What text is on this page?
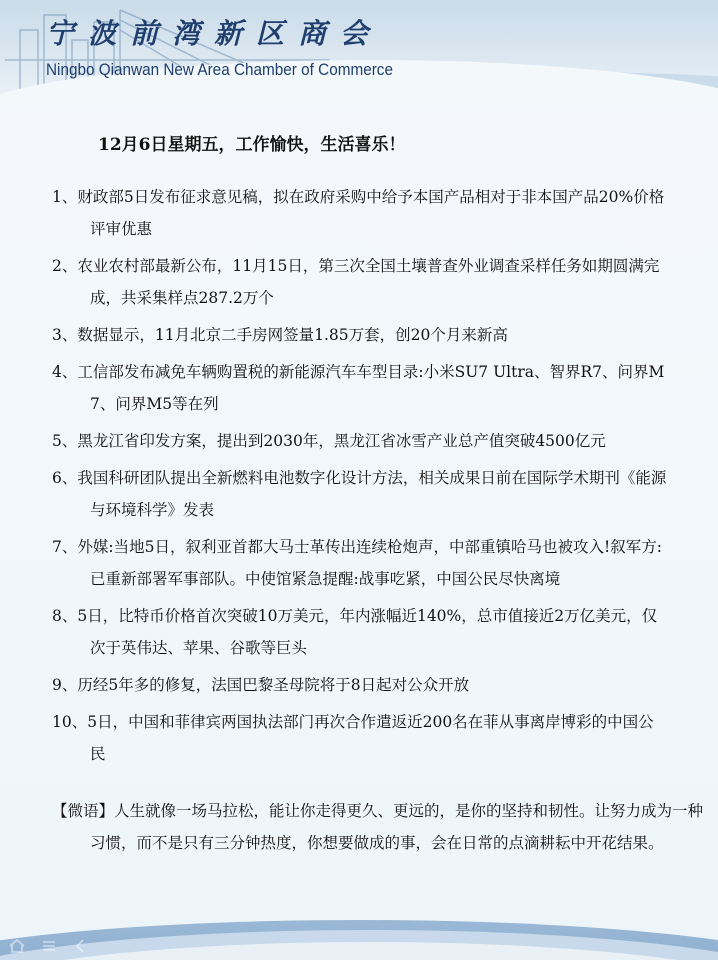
宁波前湾新区商会
Ningbo Qianwan New Area Chamber of Commerce
12月6日星期五，工作愉快，生活喜乐！
1、财政部5日发布征求意见稿，拟在政府采购中给予本国产品相对于非本国产品20%价格评审优惠
2、农业农村部最新公布，11月15日，第三次全国土壤普查外业调查采样任务如期圆满完成，共采集样点287.2万个
3、数据显示，11月北京二手房网签量1.85万套，创20个月来新高
4、工信部发布减免车辆购置税的新能源汽车车型目录:小米SU7 Ultra、智界R7、问界M7、问界M5等在列
5、黑龙江省印发方案，提出到2030年，黑龙江省冰雪产业总产值突破4500亿元
6、我国科研团队提出全新燃料电池数字化设计方法，相关成果日前在国际学术期刊《能源与环境科学》发表
7、外媒:当地5日，叙利亚首都大马士革传出连续枪炮声，中部重镇哈马也被攻入!叙军方:已重新部署军事部队。中使馆紧急提醒:战事吃紧，中国公民尽快离境
8、5日，比特币价格首次突破10万美元，年内涨幅近140%，总市值接近2万亿美元，仅次于英伟达、苹果、谷歌等巨头
9、历经5年多的修复，法国巴黎圣母院将于8日起对公众开放
10、5日，中国和菲律宾两国执法部门再次合作遣返近200名在菲从事离岸博彩的中国公民
【微语】人生就像一场马拉松，能让你走得更久、更远的，是你的坚持和韧性。让努力成为一种习惯，而不是只有三分钟热度，你想要做成的事，会在日常的点滴耕耘中开花结果。
